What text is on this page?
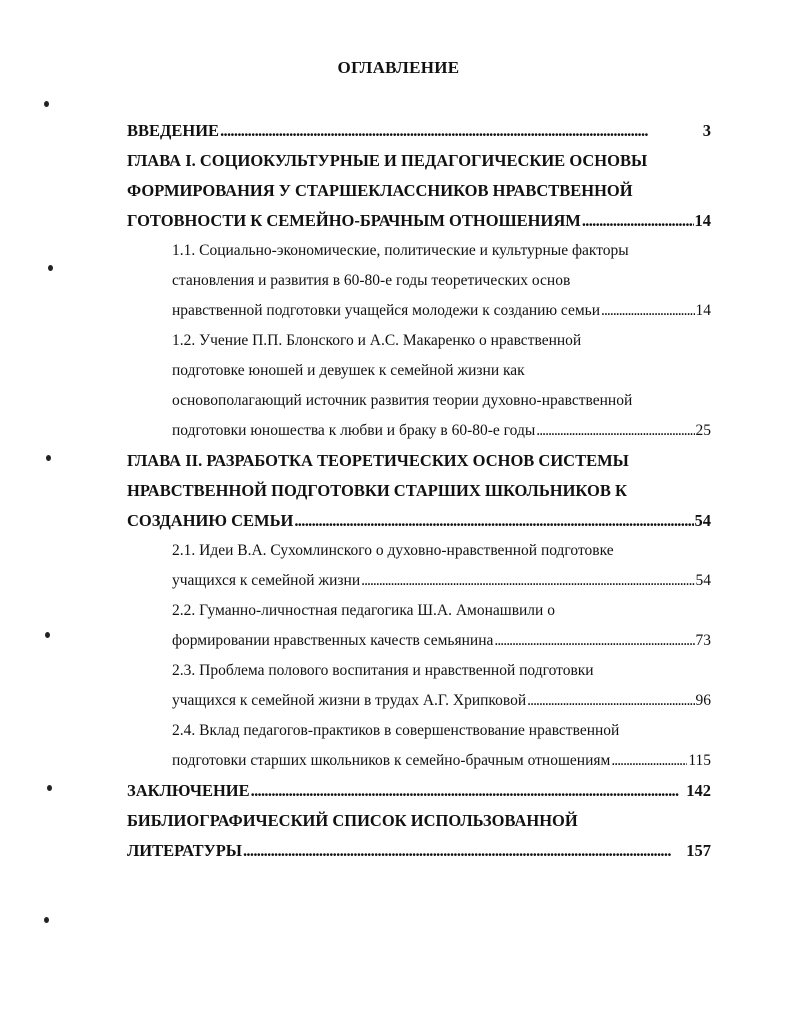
ОГЛАВЛЕНИЕ
ВВЕДЕНИЕ . . .	3
ГЛАВА I. СОЦИОКУЛЬТУРНЫЕ И ПЕДАГОГИЧЕСКИЕ ОСНОВЫ
ФОРМИРОВАНИЯ У СТАРШЕКЛАССНИКОВ НРАВСТВЕННОЙ
ГОТОВНОСТИ К СЕМЕЙНО-БРАЧНЫМ ОТНОШЕНИЯМ . . .	14
1.1. Социально-экономические, политические и культурные факторы
становления и развития в 60-80-е годы теоретических основ
нравственной подготовки учащейся молодежи к созданию семьи . . .	14
1.2. Учение П.П. Блонского и А.С. Макаренко о нравственной
подготовке юношей и девушек к семейной жизни как
основополагающий источник развития теории духовно-нравственной
подготовки юношества к любви и браку в 60-80-е годы . . .	25
ГЛАВА II. РАЗРАБОТКА ТЕОРЕТИЧЕСКИХ ОСНОВ СИСТЕМЫ
НРАВСТВЕННОЙ ПОДГОТОВКИ СТАРШИХ ШКОЛЬНИКОВ К
СОЗДАНИЮ СЕМЬИ . . .	54
2.1. Идеи В.А. Сухомлинского о духовно-нравственной подготовке
учащихся к семейной жизни . . .	54
2.2. Гуманно-личностная педагогика Ш.А. Амонашвили о
формировании нравственных качеств семьянина . . .	73
2.3. Проблема полового воспитания и нравственной подготовки
учащихся к семейной жизни в трудах А.Г. Хрипковой . . .	96
2.4. Вклад педагогов-практиков в совершенствование нравственной
подготовки старших школьников к семейно-брачным отношениям . . .	115
ЗАКЛЮЧЕНИЕ . . .	142
БИБЛИОГРАФИЧЕСКИЙ СПИСОК ИСПОЛЬЗОВАННОЙ
ЛИТЕРАТУРЫ . . .	157
